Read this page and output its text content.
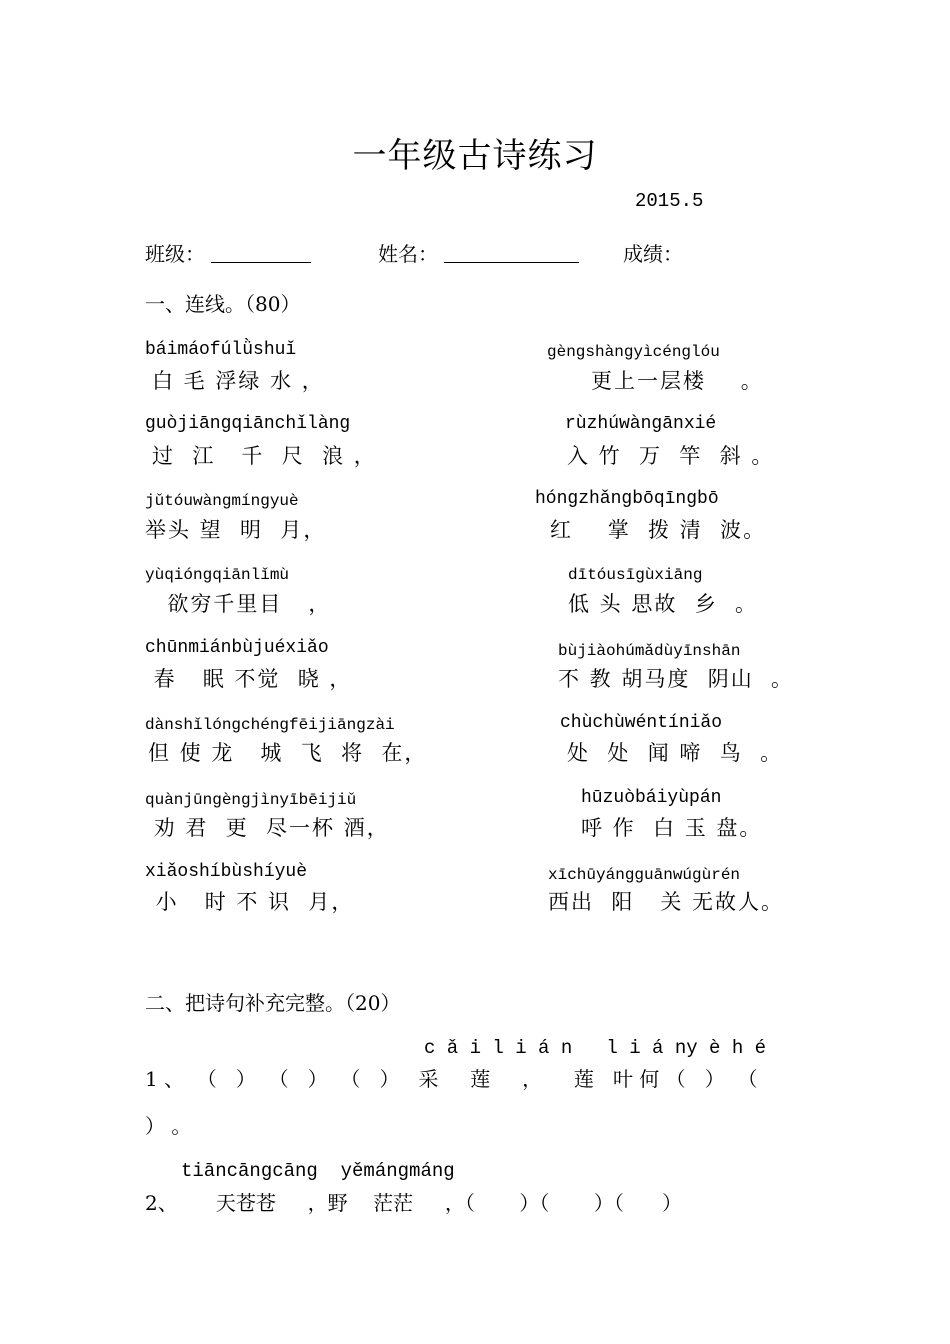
一年级古诗练习
2015.5
班级：	姓名：	成绩：
一、连线。（80）
báimáofúlǜshuǐ
白 毛 浮绿 水 ，
gèngshàngyìcénglóu
更上一层楼    。
guòjiāngqiānchǐlàng
过  江   千  尺  浪 ，
rùzhúwàngānxié
入 竹  万  竿  斜 。
jǔtóuwàngmíngyuè
举头 望  明  月，
hóngzhǎngbōqīngbō
红    掌  拨 清  波。
yùqióngqiānlǐmù
欲穷千里目   ，
dītóusīgùxiāng
低 头 思故  乡  。
chūnmiánbùjuéxiǎo
春   眠 不觉  晓 ，
bùjiàohúmǎdùyīnshān
不 教 胡马度  阴山  。
dànshǐlóngchéngfēijiāngzài
但 使 龙   城  飞  将  在，
chùchùwéntíniǎo
处  处  闻 啼  鸟  。
quànjūngèngjìnyībēijiǔ
劝 君  更  尽一杯 酒，
hūzuòbáiyùpán
呼 作  白 玉 盘。
xiǎoshíbùshíyuè
小   时 不 识  月，
xīchūyángguānwúgùrén
西出  阳   关 无故人。
二、把诗句补充完整。（20）
c ǎ i l i á n   l i á ny è h é
1 、  （   ）  （   ）  （   ）   采     莲     ，     莲   叶 何 （   ）  （
） 。
tiāncāngcāng  yěmángmáng
2、      天苍苍     ，野    茫茫     ，（       ）（       ）（      ）
